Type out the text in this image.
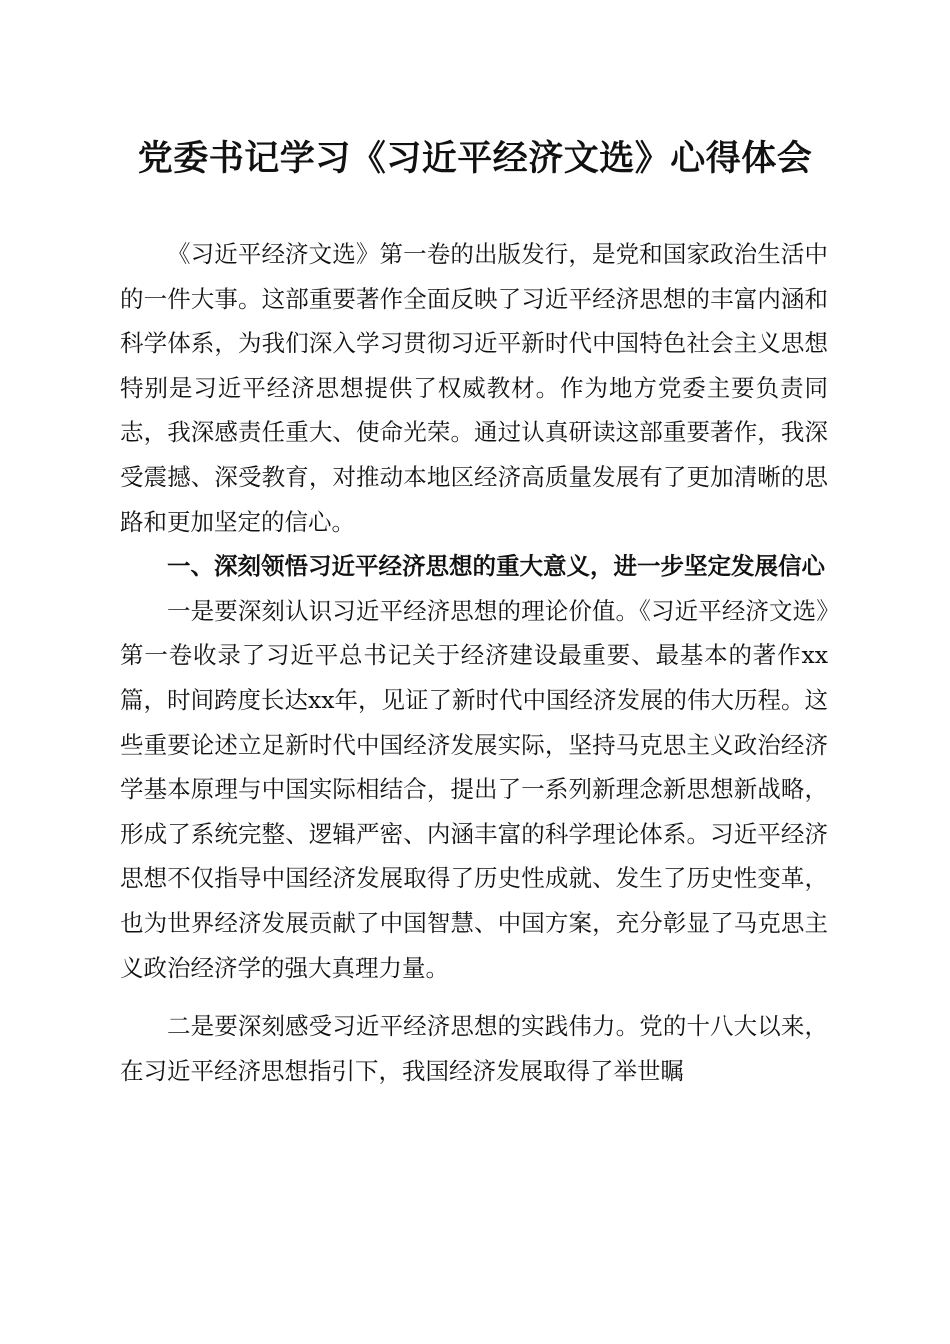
党委书记学习《习近平经济文选》心得体会

《习近平经济文选》第一卷的出版发行，是党和国家政治生活中的一件大事。这部重要著作全面反映了习近平经济思想的丰富内涵和科学体系，为我们深入学习贯彻习近平新时代中国特色社会主义思想特别是习近平经济思想提供了权威教材。作为地方党委主要负责同志，我深感责任重大、使命光荣。通过认真研读这部重要著作，我深受震撼、深受教育，对推动本地区经济高质量发展有了更加清晰的思路和更加坚定的信心。

一、深刻领悟习近平经济思想的重大意义，进一步坚定发展信心

一是要深刻认识习近平经济思想的理论价值。《习近平经济文选》第一卷收录了习近平总书记关于经济建设最重要、最基本的著作xx篇，时间跨度长达xx年，见证了新时代中国经济发展的伟大历程。这些重要论述立足新时代中国经济发展实际，坚持马克思主义政治经济学基本原理与中国实际相结合，提出了一系列新理念新思想新战略，形成了系统完整、逻辑严密、内涵丰富的科学理论体系。习近平经济思想不仅指导中国经济发展取得了历史性成就、发生了历史性变革，也为世界经济发展贡献了中国智慧、中国方案，充分彰显了马克思主义政治经济学的强大真理力量。

二是要深刻感受习近平经济思想的实践伟力。党的十八大以来，在习近平经济思想指引下，我国经济发展取得了举世瞩
